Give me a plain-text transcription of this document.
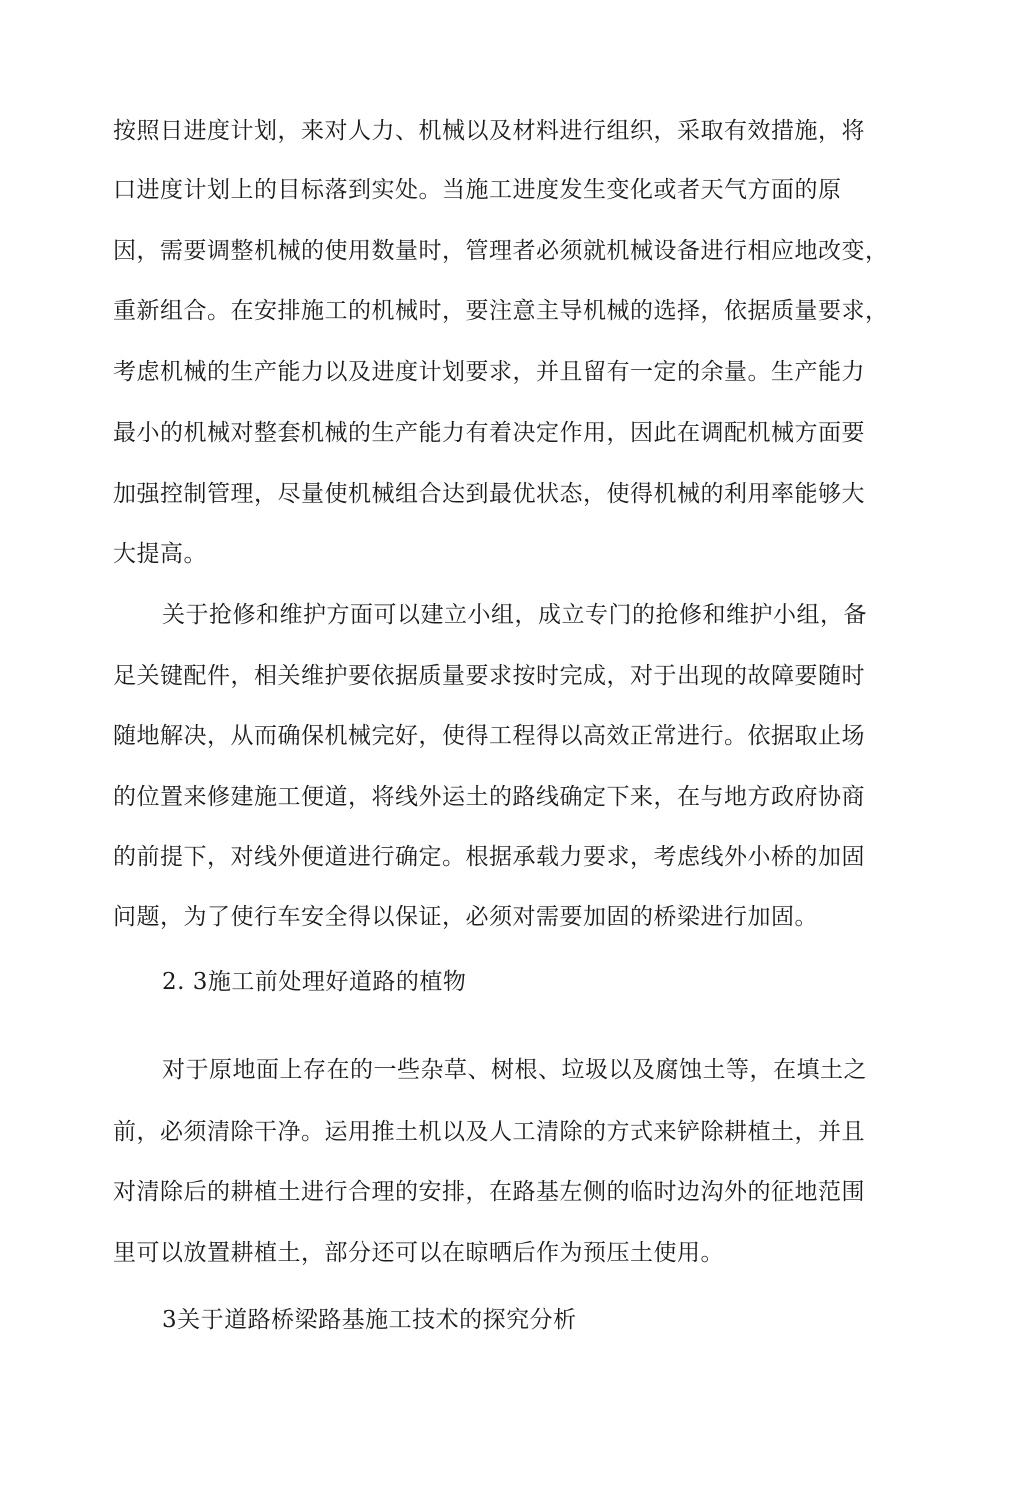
按照日进度计划，来对人力、机械以及材料进行组织，采取有效措施，将
口进度计划上的目标落到实处。当施工进度发生变化或者天气方面的原
因，需要调整机械的使用数量时，管理者必须就机械设备进行相应地改变，
重新组合。在安排施工的机械时，要注意主导机械的选择，依据质量要求，
考虑机械的生产能力以及进度计划要求，并且留有一定的余量。生产能力
最小的机械对整套机械的生产能力有着决定作用，因此在调配机械方面要
加强控制管理，尽量使机械组合达到最优状态，使得机械的利用率能够大
大提高。
关于抢修和维护方面可以建立小组，成立专门的抢修和维护小组，备
足关键配件，相关维护要依据质量要求按时完成，对于出现的故障要随时
随地解决，从而确保机械完好，使得工程得以高效正常进行。依据取止场
的位置来修建施工便道，将线外运土的路线确定下来，在与地方政府协商
的前提下，对线外便道进行确定。根据承载力要求，考虑线外小桥的加固
问题，为了使行车安全得以保证，必须对需要加固的桥梁进行加固。
2. 3施工前处理好道路的植物
对于原地面上存在的一些杂草、树根、垃圾以及腐蚀土等，在填土之
前，必须清除干净。运用推土机以及人工清除的方式来铲除耕植土，并且
对清除后的耕植土进行合理的安排，在路基左侧的临时边沟外的征地范围
里可以放置耕植土，部分还可以在晾晒后作为预压土使用。
3关于道路桥梁路基施工技术的探究分析
